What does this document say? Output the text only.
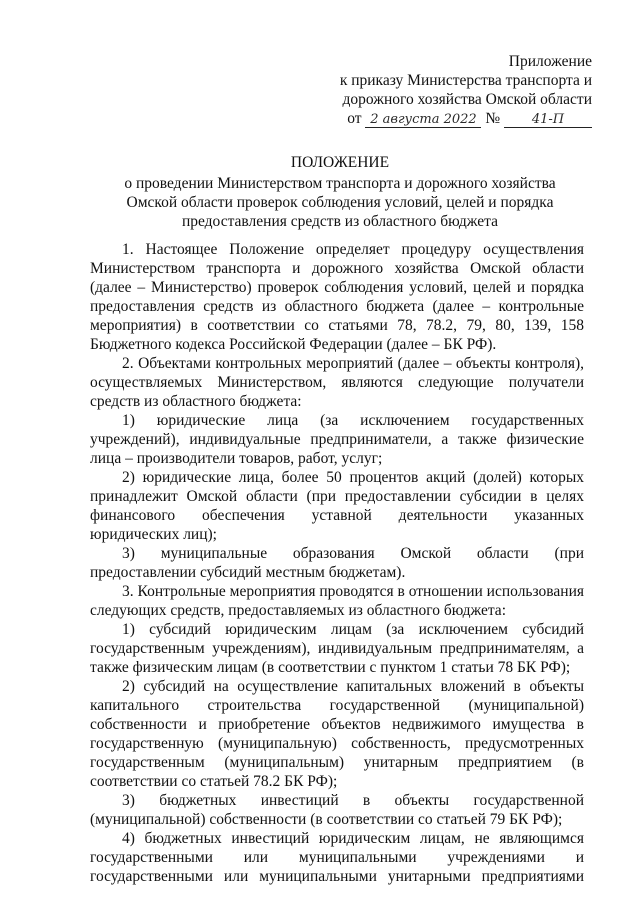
Приложение
к приказу Министерства транспорта и
дорожного хозяйства Омской области
от 2 августа 2022 № 41-П
ПОЛОЖЕНИЕ
о проведении Министерством транспорта и дорожного хозяйства Омской области проверок соблюдения условий, целей и порядка предоставления средств из областного бюджета

1. Настоящее Положение определяет процедуру осуществления Министерством транспорта и дорожного хозяйства Омской области (далее – Министерство) проверок соблюдения условий, целей и порядка предоставления средств из областного бюджета (далее – контрольные мероприятия) в соответствии со статьями 78, 78.2, 79, 80, 139, 158 Бюджетного кодекса Российской Федерации (далее – БК РФ).

2. Объектами контрольных мероприятий (далее – объекты контроля), осуществляемых Министерством, являются следующие получатели средств из областного бюджета:

1) юридические лица (за исключением государственных учреждений), индивидуальные предприниматели, а также физические лица – производители товаров, работ, услуг;

2) юридические лица, более 50 процентов акций (долей) которых принадлежит Омской области (при предоставлении субсидии в целях финансового обеспечения уставной деятельности указанных юридических лиц);

3) муниципальные образования Омской области (при предоставлении субсидий местным бюджетам).

3. Контрольные мероприятия проводятся в отношении использования следующих средств, предоставляемых из областного бюджета:

1) субсидий юридическим лицам (за исключением субсидий государственным учреждениям), индивидуальным предпринимателям, а также физическим лицам (в соответствии с пунктом 1 статьи 78 БК РФ);

2) субсидий на осуществление капитальных вложений в объекты капитального строительства государственной (муниципальной) собственности и приобретение объектов недвижимого имущества в государственную (муниципальную) собственность, предусмотренных государственным (муниципальным) унитарным предприятием (в соответствии со статьей 78.2 БК РФ);

3) бюджетных инвестиций в объекты государственной (муниципальной) собственности (в соответствии со статьей 79 БК РФ);

4) бюджетных инвестиций юридическим лицам, не являющимся государственными или муниципальными учреждениями и государственными или муниципальными унитарными предприятиями
